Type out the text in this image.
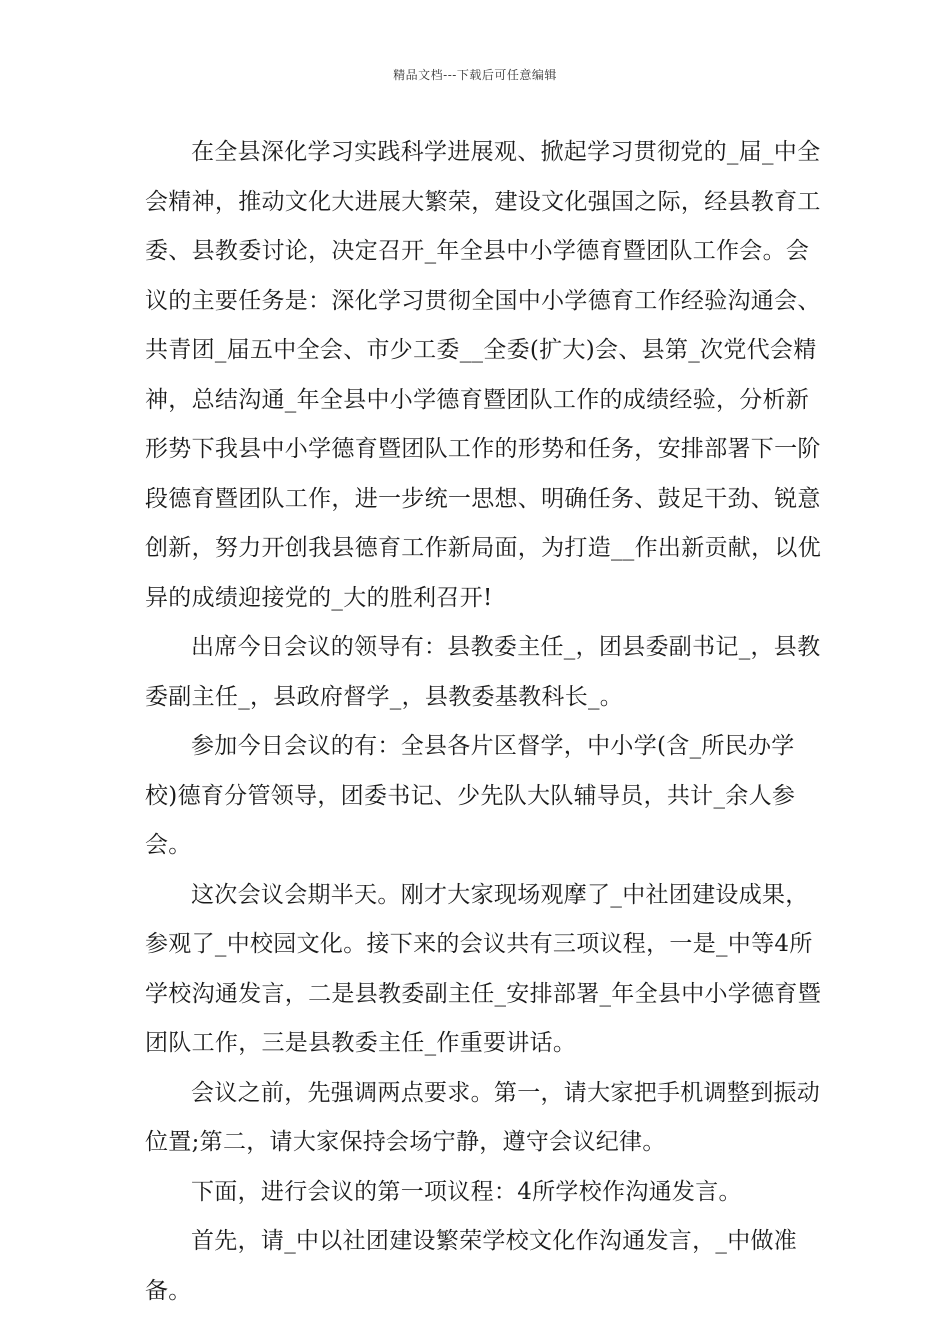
精品文档---下载后可任意编辑

在全县深化学习实践科学进展观、掀起学习贯彻党的_届_中全会精神，推动文化大进展大繁荣，建设文化强国之际，经县教育工委、县教委讨论，决定召开_年全县中小学德育暨团队工作会。会议的主要任务是：深化学习贯彻全国中小学德育工作经验沟通会、共青团_届五中全会、市少工委__全委(扩大)会、县第_次党代会精神，总结沟通_年全县中小学德育暨团队工作的成绩经验，分析新形势下我县中小学德育暨团队工作的形势和任务，安排部署下一阶段德育暨团队工作，进一步统一思想、明确任务、鼓足干劲、锐意创新，努力开创我县德育工作新局面，为打造__作出新贡献，以优异的成绩迎接党的_大的胜利召开!

出席今日会议的领导有：县教委主任_，团县委副书记_，县教委副主任_，县政府督学_，县教委基教科长_。

参加今日会议的有：全县各片区督学，中小学(含_所民办学校)德育分管领导，团委书记、少先队大队辅导员，共计_余人参会。

这次会议会期半天。刚才大家现场观摩了_中社团建设成果，参观了_中校园文化。接下来的会议共有三项议程，一是_中等4所学校沟通发言，二是县教委副主任_安排部署_年全县中小学德育暨团队工作，三是县教委主任_作重要讲话。

会议之前，先强调两点要求。第一，请大家把手机调整到振动位置;第二，请大家保持会场宁静，遵守会议纪律。

下面，进行会议的第一项议程：4所学校作沟通发言。

首先，请_中以社团建设繁荣学校文化作沟通发言，_中做准备。
